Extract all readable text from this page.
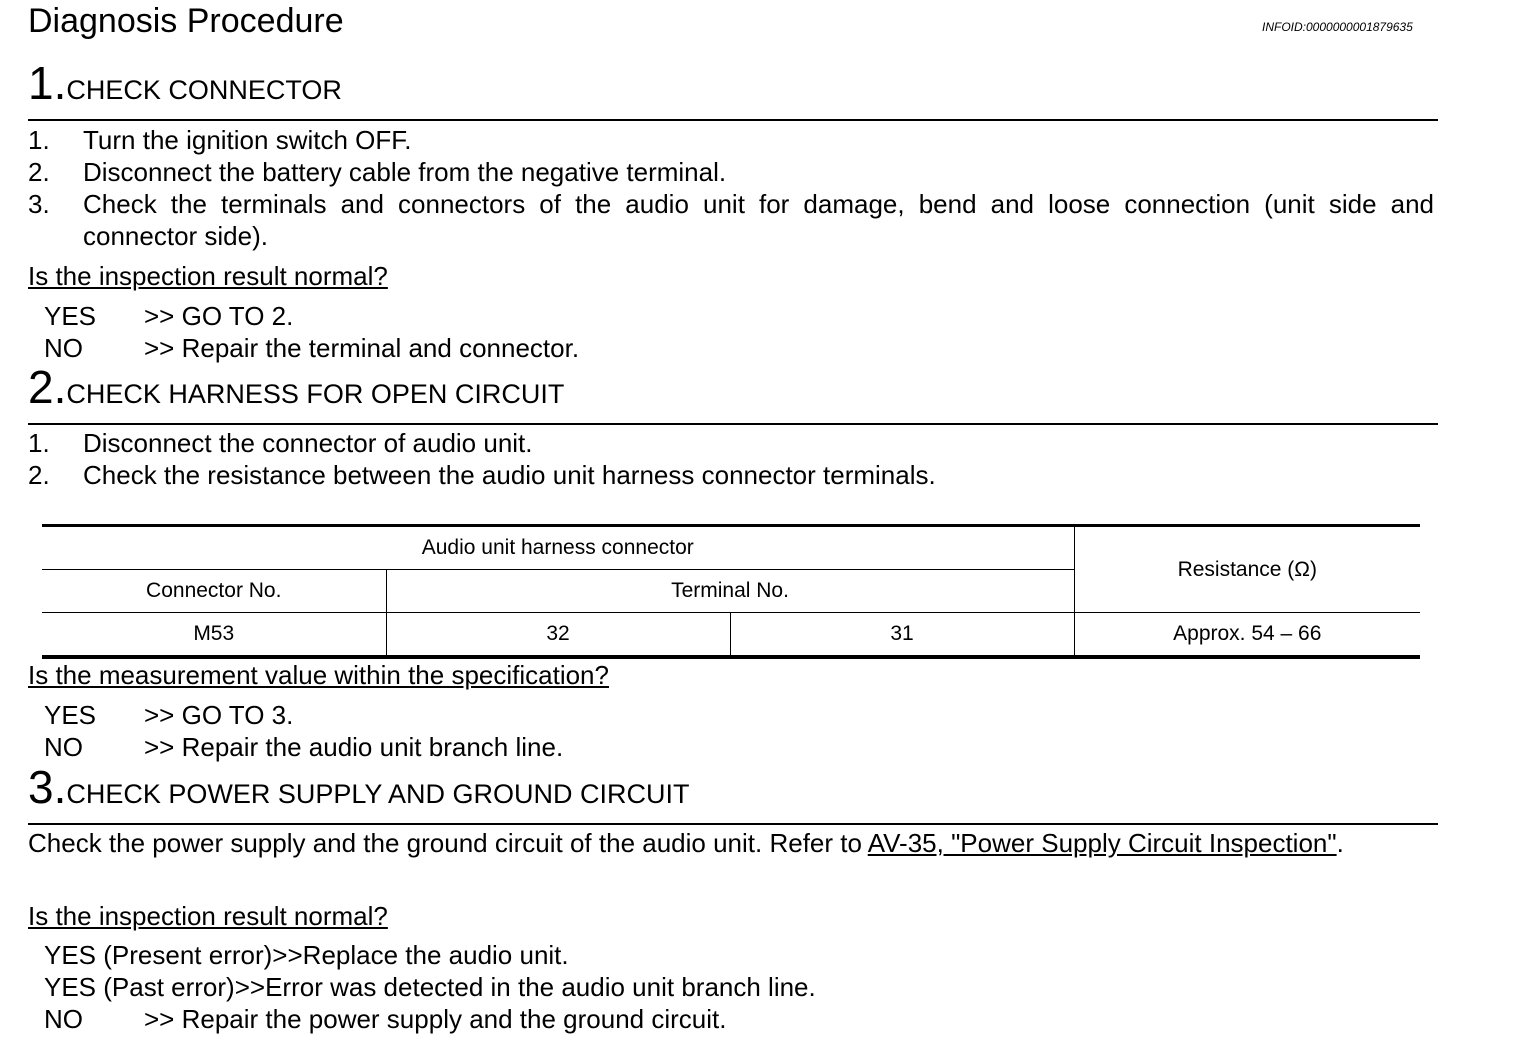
Diagnosis Procedure	INFOID:0000000001879635
1.CHECK CONNECTOR
1. Turn the ignition switch OFF.
2. Disconnect the battery cable from the negative terminal.
3. Check the terminals and connectors of the audio unit for damage, bend and loose connection (unit side and connector side).
Is the inspection result normal?
YES >> GO TO 2.
NO >> Repair the terminal and connector.
2.CHECK HARNESS FOR OPEN CIRCUIT
1. Disconnect the connector of audio unit.
2. Check the resistance between the audio unit harness connector terminals.
Audio unit harness connector			Resistance (Ω)
Connector No.	Terminal No.		
M53	32	31	Approx. 54 – 66
Is the measurement value within the specification?
YES >> GO TO 3.
NO >> Repair the audio unit branch line.
3.CHECK POWER SUPPLY AND GROUND CIRCUIT
Check the power supply and the ground circuit of the audio unit. Refer to AV-35, "Power Supply Circuit Inspection".
Is the inspection result normal?
YES (Present error)>>Replace the audio unit.
YES (Past error)>>Error was detected in the audio unit branch line.
NO >> Repair the power supply and the ground circuit.
